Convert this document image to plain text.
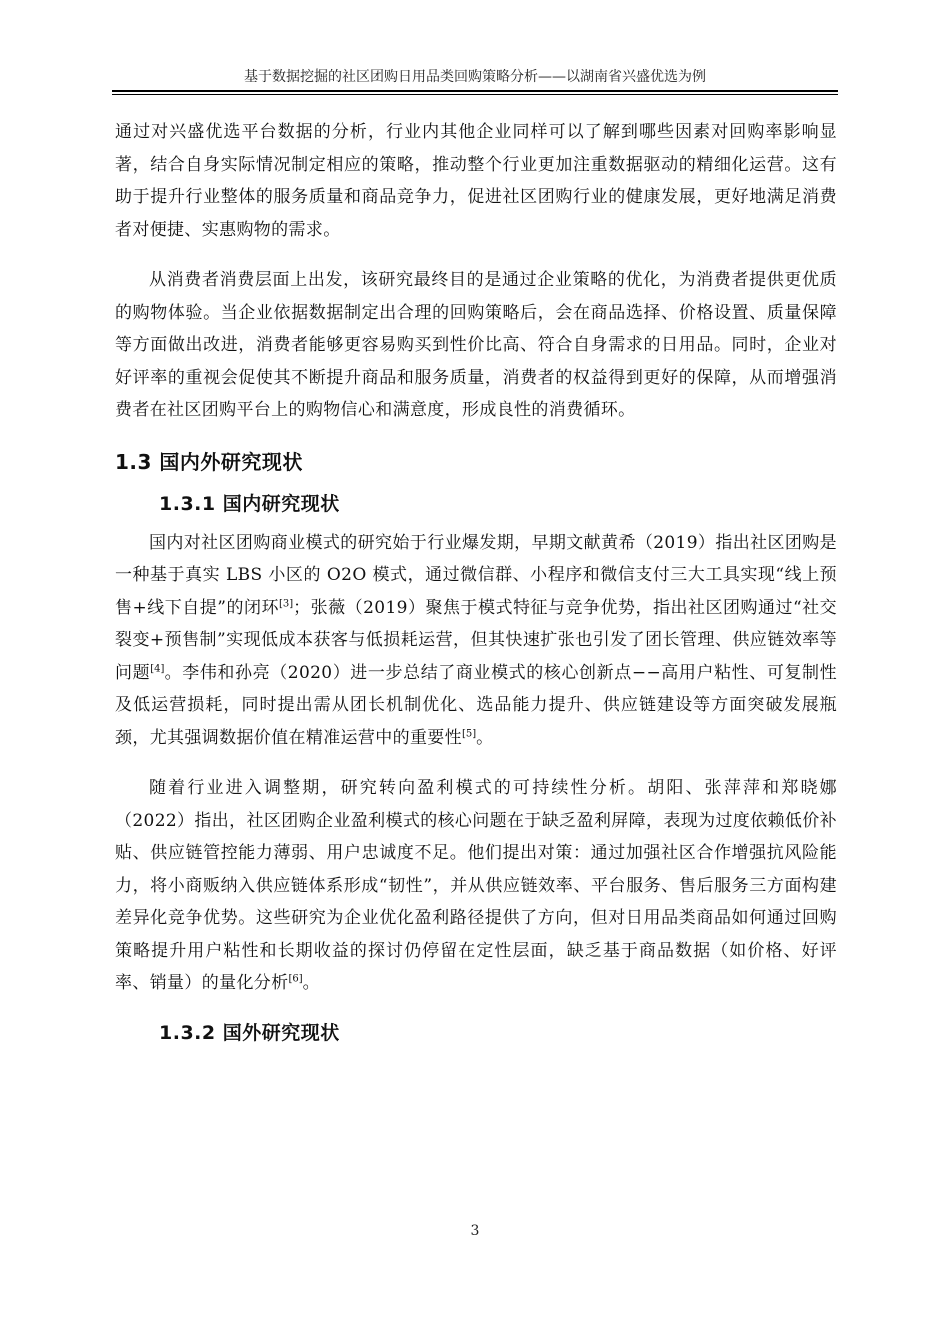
基于数据挖掘的社区团购日用品类回购策略分析——以湖南省兴盛优选为例

通过对兴盛优选平台数据的分析，行业内其他企业同样可以了解到哪些因素对回购率影响显著，结合自身实际情况制定相应的策略，推动整个行业更加注重数据驱动的精细化运营。这有助于提升行业整体的服务质量和商品竞争力，促进社区团购行业的健康发展，更好地满足消费者对便捷、实惠购物的需求。

从消费者消费层面上出发，该研究最终目的是通过企业策略的优化，为消费者提供更优质的购物体验。当企业依据数据制定出合理的回购策略后，会在商品选择、价格设置、质量保障等方面做出改进，消费者能够更容易购买到性价比高、符合自身需求的日用品。同时，企业对好评率的重视会促使其不断提升商品和服务质量，消费者的权益得到更好的保障，从而增强消费者在社区团购平台上的购物信心和满意度，形成良性的消费循环。

1.3 国内外研究现状
1.3.1 国内研究现状

国内对社区团购商业模式的研究始于行业爆发期，早期文献黄希（2019）指出社区团购是一种基于真实 LBS 小区的 O2O 模式，通过微信群、小程序和微信支付三大工具实现“线上预售+线下自提”的闭环[3]；张薇（2019）聚焦于模式特征与竞争优势，指出社区团购通过“社交裂变+预售制”实现低成本获客与低损耗运营，但其快速扩张也引发了团长管理、供应链效率等问题[4]。李伟和孙亮（2020）进一步总结了商业模式的核心创新点−−高用户粘性、可复制性及低运营损耗，同时提出需从团长机制优化、选品能力提升、供应链建设等方面突破发展瓶颈，尤其强调数据价值在精准运营中的重要性[5]。

随着行业进入调整期，研究转向盈利模式的可持续性分析。胡阳、张萍萍和郑晓娜（2022）指出，社区团购企业盈利模式的核心问题在于缺乏盈利屏障，表现为过度依赖低价补贴、供应链管控能力薄弱、用户忠诚度不足。他们提出对策：通过加强社区合作增强抗风险能力，将小商贩纳入供应链体系形成“韧性”，并从供应链效率、平台服务、售后服务三方面构建差异化竞争优势。这些研究为企业优化盈利路径提供了方向，但对日用品类商品如何通过回购策略提升用户粘性和长期收益的探讨仍停留在定性层面，缺乏基于商品数据（如价格、好评率、销量）的量化分析[6]。

1.3.2 国外研究现状
3
